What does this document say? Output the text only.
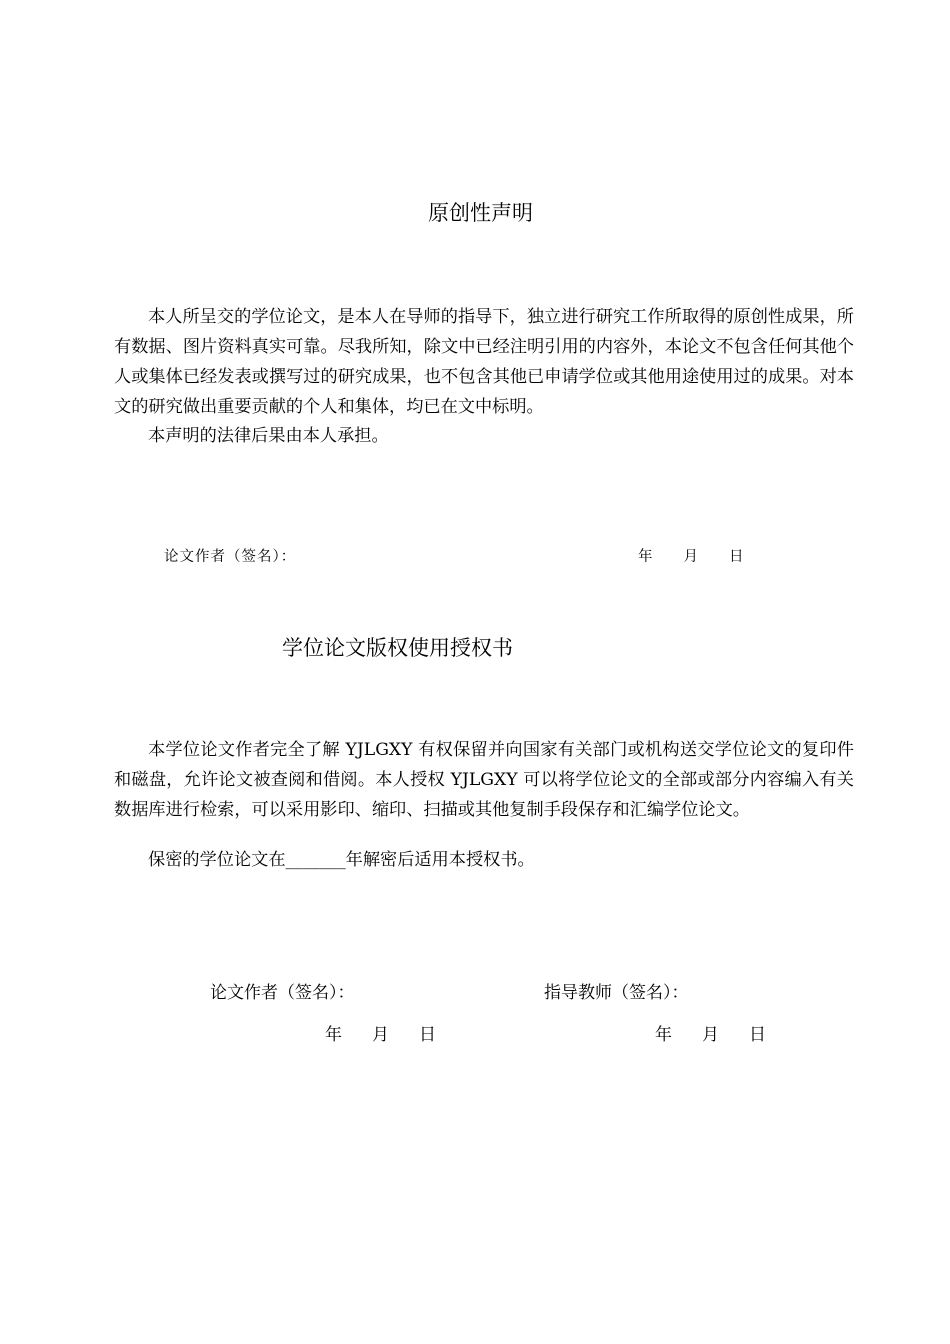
原创性声明

本人所呈交的学位论文，是本人在导师的指导下，独立进行研究工作所取得的原创性成果，所有数据、图片资料真实可靠。尽我所知，除文中已经注明引用的内容外，本论文不包含任何其他个人或集体已经发表或撰写过的研究成果，也不包含其他已申请学位或其他用途使用过的成果。对本文的研究做出重要贡献的个人和集体，均已在文中标明。

本声明的法律后果由本人承担。

论文作者（签名）：	年 月 日
学位论文版权使用授权书

本学位论文作者完全了解 YJLGXY 有权保留并向国家有关部门或机构送交学位论文的复印件和磁盘，允许论文被查阅和借阅。本人授权 YJLGXY 可以将学位论文的全部或部分内容编入有关数据库进行检索，可以采用影印、缩印、扫描或其他复制手段保存和汇编学位论文。

保密的学位论文在_______年解密后适用本授权书。

论文作者（签名）：	指导教师（签名）：
年 月 日	年 月 日
